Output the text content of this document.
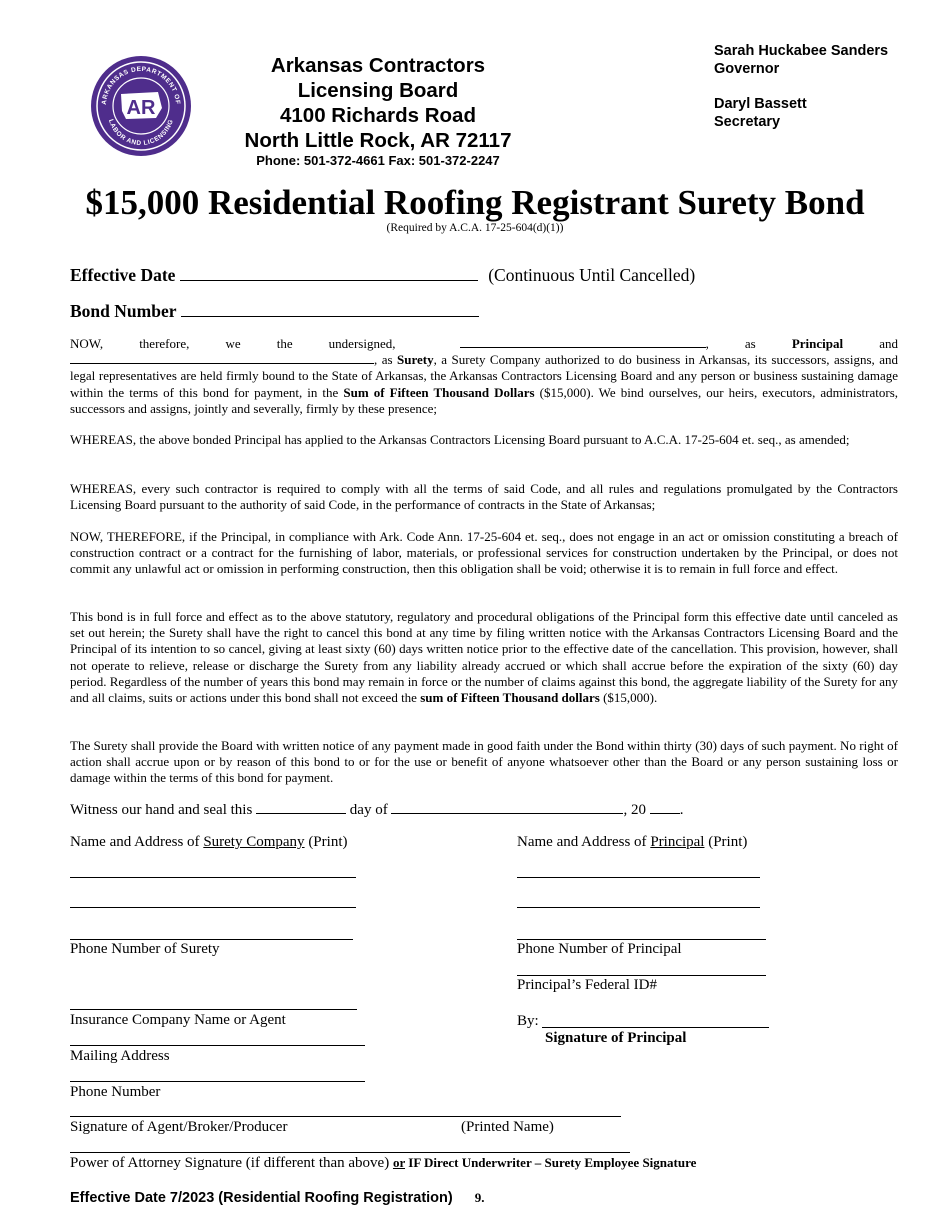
ARKANSAS DEPARTMENT OF
LABOR AND LICENSING
AR
Arkansas Contractors
Licensing Board
4100 Richards Road
North Little Rock, AR 72117
Phone: 501-372-4661 Fax: 501-372-2247
Sarah Huckabee Sanders
Governor
Daryl Bassett
Secretary
$15,000 Residential Roofing Registrant Surety Bond
(Required by A.C.A. 17-25-604(d)(1))
Effective Date	(Continuous Until Cancelled)
Bond Number
NOW, therefore, we the undersigned,	, as Principal and , as Surety, a Surety Company authorized to do business in Arkansas, its successors, assigns, and legal representatives are held firmly bound to the State of Arkansas, the Arkansas Contractors Licensing Board and any person or business sustaining damage within the terms of this bond for payment, in the Sum of Fifteen Thousand Dollars ($15,000). We bind ourselves, our heirs, executors, administrators, successors and assigns, jointly and severally, firmly by these presence;
WHEREAS, the above bonded Principal has applied to the Arkansas Contractors Licensing Board pursuant to A.C.A. 17-25-604 et. seq., as amended;
WHEREAS, every such contractor is required to comply with all the terms of said Code, and all rules and regulations promulgated by the Contractors Licensing Board pursuant to the authority of said Code, in the performance of contracts in the State of Arkansas;
NOW, THEREFORE, if the Principal, in compliance with Ark. Code Ann. 17-25-604 et. seq., does not engage in an act or omission constituting a breach of construction contract or a contract for the furnishing of labor, materials, or professional services for construction undertaken by the Principal, or does not commit any unlawful act or omission in performing construction, then this obligation shall be void; otherwise it is to remain in full force and effect.
This bond is in full force and effect as to the above statutory, regulatory and procedural obligations of the Principal form this effective date until canceled as set out herein; the Surety shall have the right to cancel this bond at any time by filing written notice with the Arkansas Contractors Licensing Board and the Principal of its intention to so cancel, giving at least sixty (60) days written notice prior to the effective date of the cancellation. This provision, however, shall not operate to relieve, release or discharge the Surety from any liability already accrued or which shall accrue before the expiration of the sixty (60) day period. Regardless of the number of years this bond may remain in force or the number of claims against this bond, the aggregate liability of the Surety for any and all claims, suits or actions under this bond shall not exceed the sum of Fifteen Thousand dollars ($15,000).
The Surety shall provide the Board with written notice of any payment made in good faith under the Bond within thirty (30) days of such payment. No right of action shall accrue upon or by reason of this bond to or for the use or benefit of anyone whatsoever other than the Board or any person sustaining loss or damage within the terms of this bond for payment.
Witness our hand and seal this	day of	, 20 .
Name and Address of Surety Company (Print)
Phone Number of Surety
Insurance Company Name or Agent
Mailing Address
Phone Number
Signature of Agent/Broker/Producer	(Printed Name)
Power of Attorney Signature (if different than above) or IF Direct Underwriter – Surety Employee Signature
Name and Address of Principal (Print)
Phone Number of Principal
Principal’s Federal ID#
By:
Signature of Principal
Effective Date 7/2023 (Residential Roofing Registration) 9.
